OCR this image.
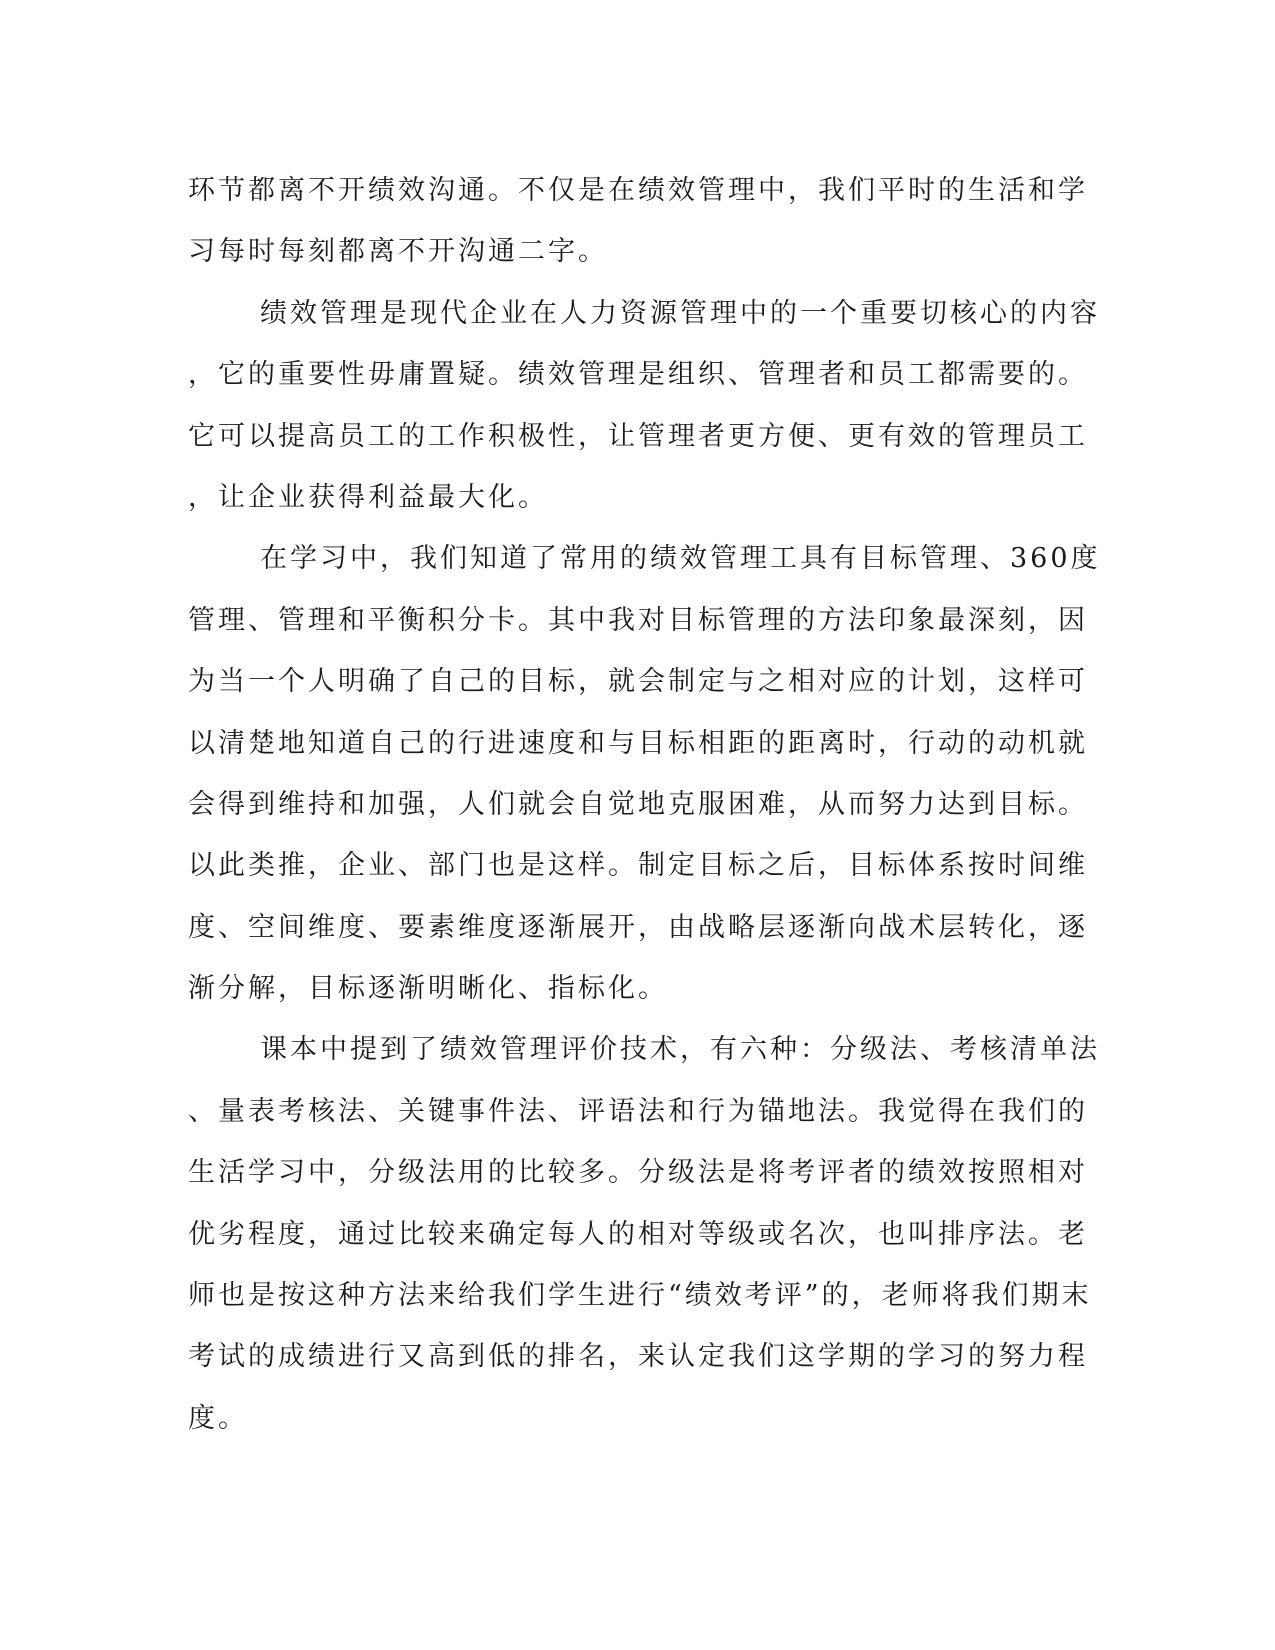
环节都离不开绩效沟通。不仅是在绩效管理中，我们平时的生活和学
习每时每刻都离不开沟通二字。

绩效管理是现代企业在人力资源管理中的一个重要切核心的内容
，它的重要性毋庸置疑。绩效管理是组织、管理者和员工都需要的。
它可以提高员工的工作积极性，让管理者更方便、更有效的管理员工
，让企业获得利益最大化。

在学习中，我们知道了常用的绩效管理工具有目标管理、360度
管理、管理和平衡积分卡。其中我对目标管理的方法印象最深刻，因
为当一个人明确了自己的目标，就会制定与之相对应的计划，这样可
以清楚地知道自己的行进速度和与目标相距的距离时，行动的动机就
会得到维持和加强，人们就会自觉地克服困难，从而努力达到目标。
以此类推，企业、部门也是这样。制定目标之后，目标体系按时间维
度、空间维度、要素维度逐渐展开，由战略层逐渐向战术层转化，逐
渐分解，目标逐渐明晰化、指标化。

课本中提到了绩效管理评价技术，有六种：分级法、考核清单法
、量表考核法、关键事件法、评语法和行为锚地法。我觉得在我们的
生活学习中，分级法用的比较多。分级法是将考评者的绩效按照相对
优劣程度，通过比较来确定每人的相对等级或名次，也叫排序法。老
师也是按这种方法来给我们学生进行“绩效考评”的，老师将我们期末
考试的成绩进行又高到低的排名，来认定我们这学期的学习的努力程
度。
